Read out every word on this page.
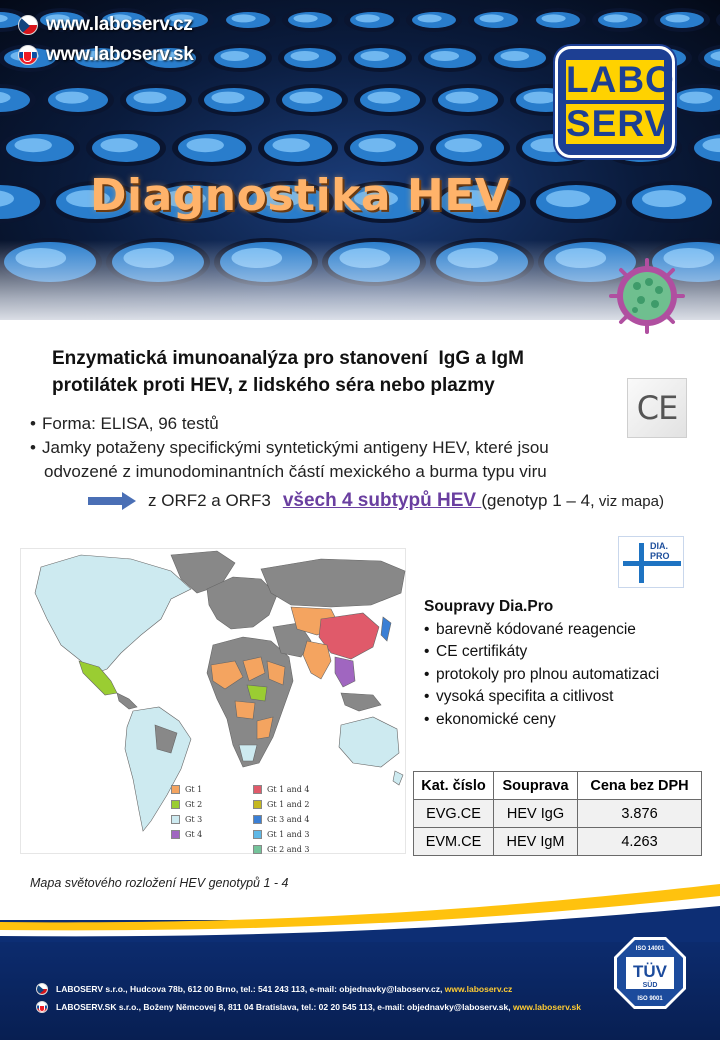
www.laboserv.cz
www.laboserv.sk
LABO
SERV
Diagnostika HEV
Enzymatická imunoanalýza pro stanovení  IgG a IgM
protilátek proti HEV, z lidského séra nebo plazmy
CE
• Forma: ELISA, 96 testů
• Jamky potaženy specifickými syntetickými antigeny HEV, které jsou
odvozené z imunodominantních částí mexického a burma typu viru
z ORF2 a ORF3 všech 4 subtypů HEV (genotyp 1 – 4, viz mapa)
Gt 1	Gt 1 and 4
Gt 2	Gt 1 and 2
Gt 3	Gt 3 and 4
Gt 4	Gt 1 and 3
Gt 2 and 3
Mapa světového rozložení HEV genotypů 1 - 4
DIA.
PRO
Soupravy Dia.Pro
• barevně kódované reagencie
• CE certifikáty
• protokoly pro plnou automatizaci
• vysoká specifita a citlivost
• ekonomické ceny
Kat. číslo	Souprava	Cena bez DPH
EVG.CE	HEV IgG	3.876
EVM.CE	HEV IgM	4.263
LABOSERV s.r.o., Hudcova 78b, 612 00 Brno, tel.: 541 243 113, e-mail: objednavky@laboserv.cz, www.laboserv.cz
LABOSERV.SK s.r.o., Boženy Němcovej 8, 811 04 Bratislava, tel.: 02 20 545 113, e-mail: objednavky@laboserv.sk, www.laboserv.sk
ISO 14001
TÜV
SÜD
ISO 9001
